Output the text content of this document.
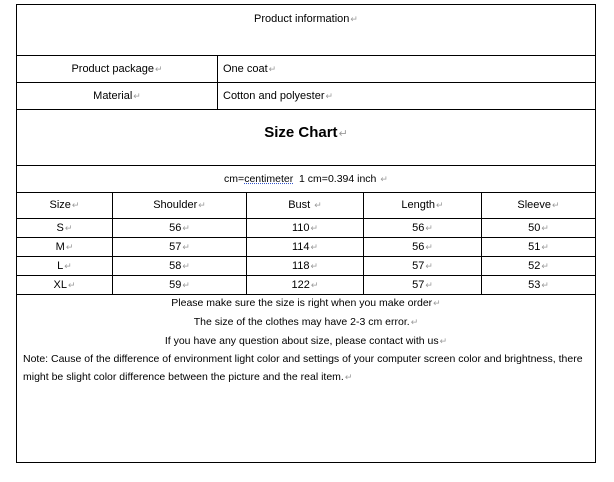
Product information↵
Product package↵	One coat↵
Material↵	Cotton and polyester↵
Size Chart↵
cm=centimeter  1 cm=0.394 inch ↵
Size↵	Shoulder↵	Bust ↵	Length↵	Sleeve↵
S↵	56↵	110↵	56↵	50↵
M↵	57↵	114↵	56↵	51↵
L↵	58↵	118↵	57↵	52↵
XL↵	59↵	122↵	57↵	53↵

Please make sure the size is right when you make order↵

The size of the clothes may have 2-3 cm error.↵

If you have any question about size, please contact with us↵

Note: Cause of the difference of environment light color and settings of your computer screen color and brightness, there

might be slight color difference between the picture and the real item.↵
